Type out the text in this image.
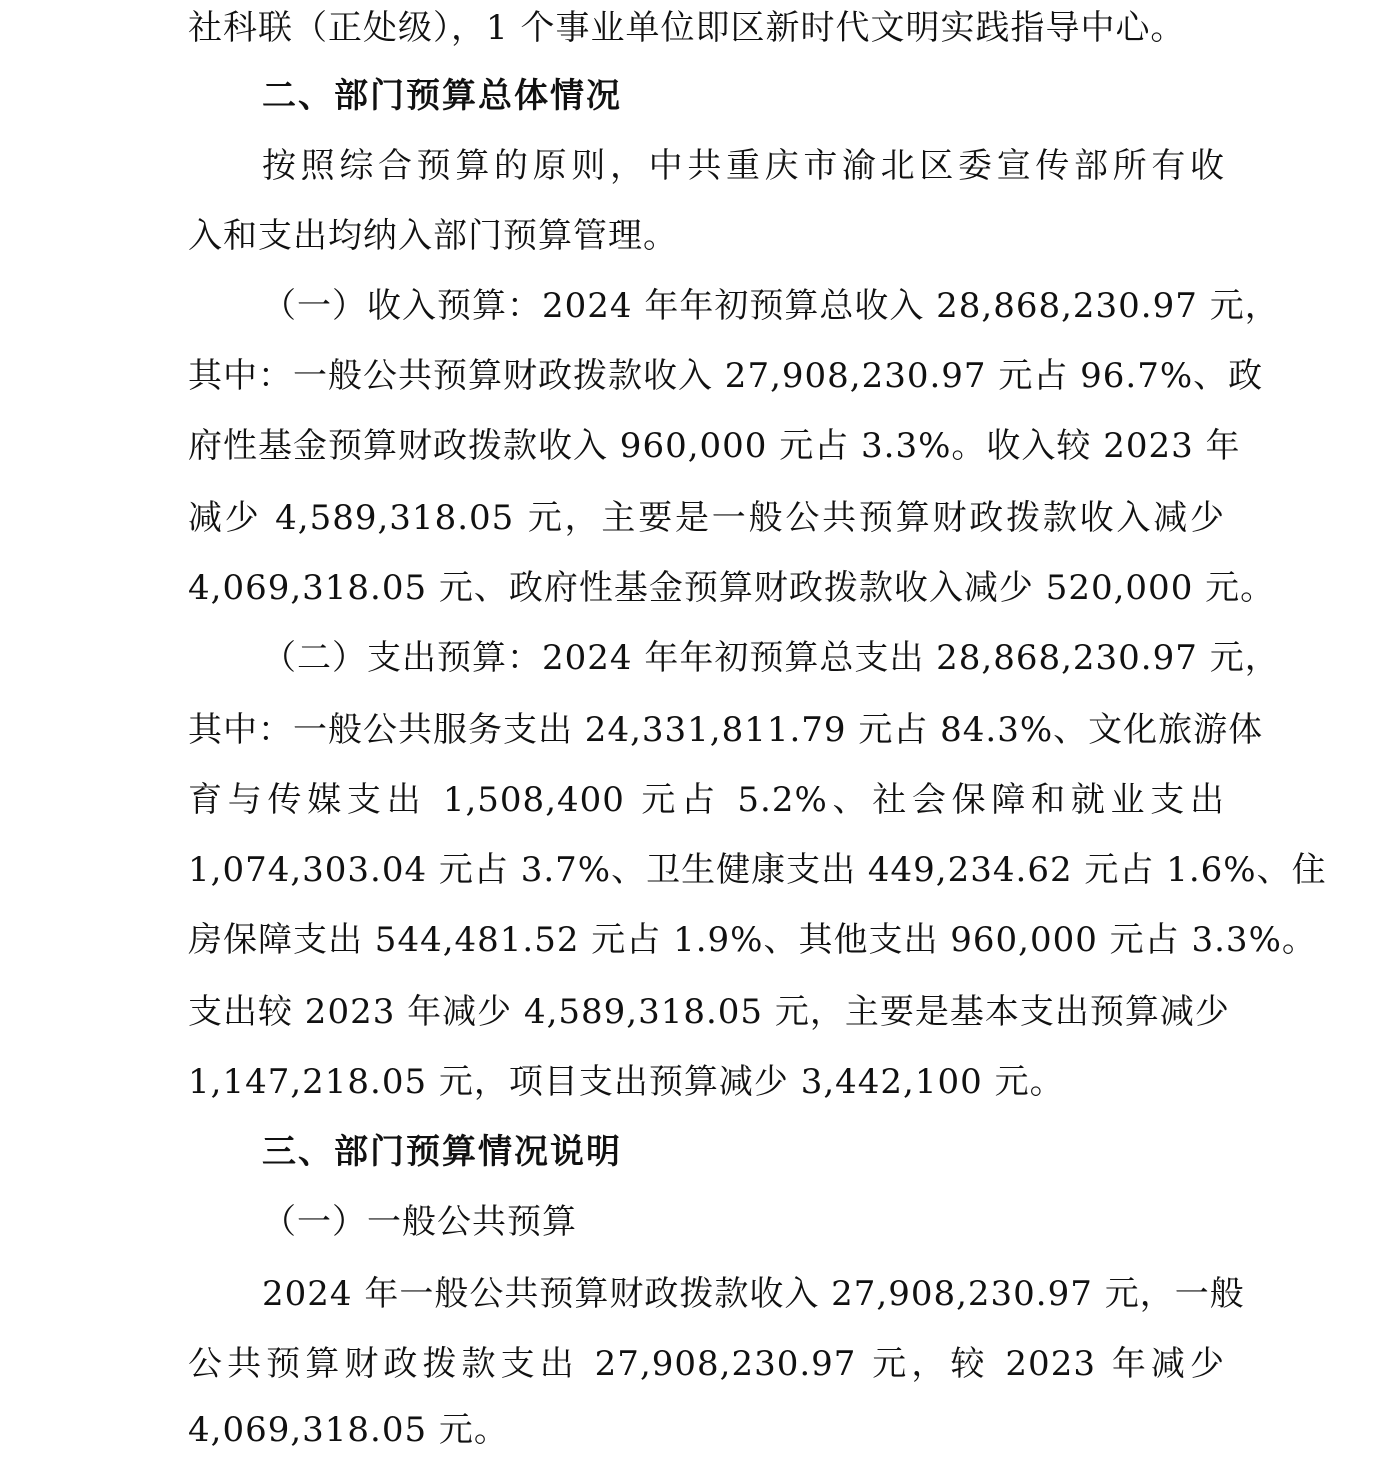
社科联（正处级），1 个事业单位即区新时代文明实践指导中心。
二、部门预算总体情况
按照综合预算的原则，中共重庆市渝北区委宣传部所有收
入和支出均纳入部门预算管理。
（一）收入预算：2024 年年初预算总收入 28,868,230.97 元，
其中：一般公共预算财政拨款收入 27,908,230.97 元占 96.7%、政
府性基金预算财政拨款收入 960,000 元占 3.3%。收入较 2023 年
减少 4,589,318.05 元，主要是一般公共预算财政拨款收入减少
4,069,318.05 元、政府性基金预算财政拨款收入减少 520,000 元。
（二）支出预算：2024 年年初预算总支出 28,868,230.97 元，
其中：一般公共服务支出 24,331,811.79 元占 84.3%、文化旅游体
育与传媒支出 1,508,400 元占 5.2%、社会保障和就业支出
1,074,303.04 元占 3.7%、卫生健康支出 449,234.62 元占 1.6%、住
房保障支出 544,481.52 元占 1.9%、其他支出 960,000 元占 3.3%。
支出较 2023 年减少 4,589,318.05 元，主要是基本支出预算减少
1,147,218.05 元，项目支出预算减少 3,442,100 元。
三、部门预算情况说明
（一）一般公共预算
2024 年一般公共预算财政拨款收入 27,908,230.97 元，一般
公共预算财政拨款支出 27,908,230.97 元，较 2023 年减少
4,069,318.05 元。
